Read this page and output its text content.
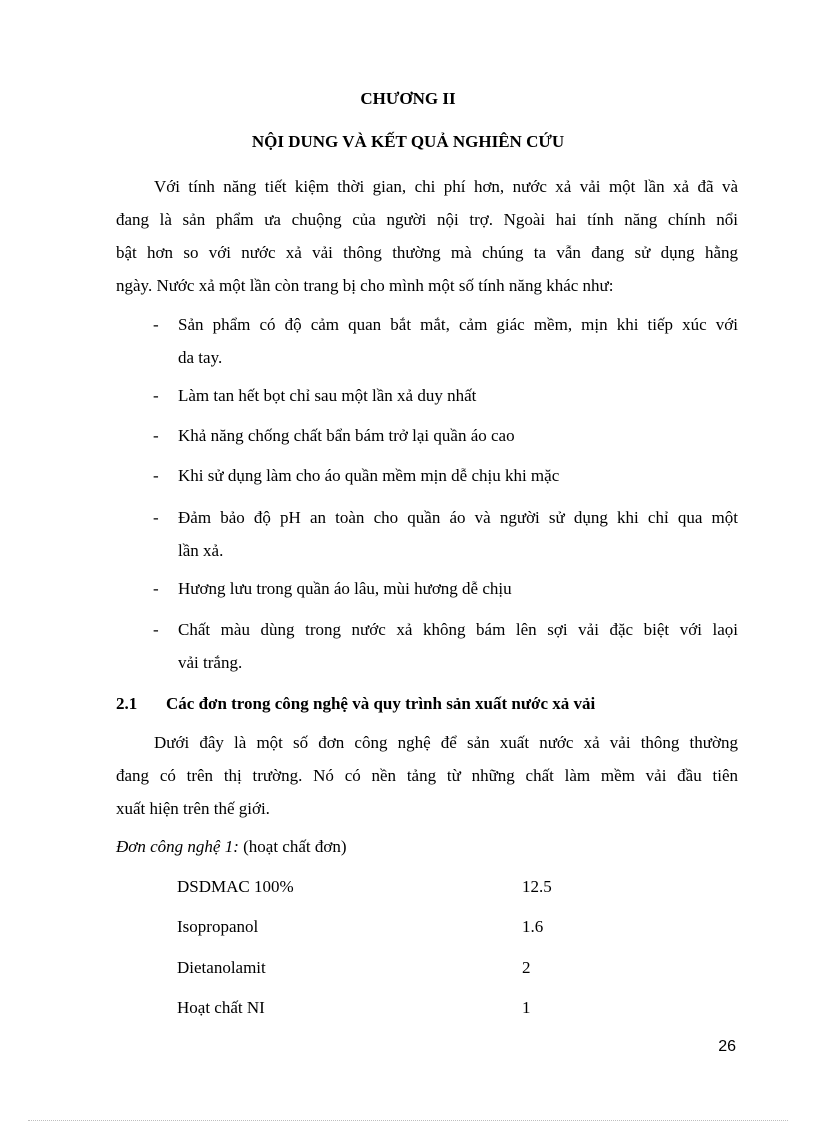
CHƯƠNG II
NỘI DUNG VÀ KẾT QUẢ NGHIÊN CỨU
Với tính năng tiết kiệm thời gian, chi phí hơn, nước xả vải một lần xả đã và
đang là sản phẩm ưa chuộng của người nội trợ. Ngoài hai tính năng chính nổi
bật hơn so với nước xả vải thông thường mà chúng ta vẫn đang sử dụng hằng
ngày. Nước xả một lần còn trang bị cho mình một số tính năng khác như:
- Sản phẩm có độ cảm quan bắt mắt, cảm giác mềm, mịn khi tiếp xúc với
da tay.
- Làm tan hết bọt chỉ sau một lần xả duy nhất
- Khả năng chống chất bẩn bám trở lại quần áo cao
- Khi sử dụng làm cho áo quần mềm mịn dễ chịu khi mặc
- Đảm bảo độ pH an toàn cho quần áo và người sử dụng khi chỉ qua một
lần xả.
- Hương lưu trong quần áo lâu, mùi hương dễ chịu
- Chất màu dùng trong nước xả không bám lên sợi vải đặc biệt với laọi
vải trắng.
2.1 Các đơn trong công nghệ và quy trình sản xuất nước xả vải
Dưới đây là một số đơn công nghệ để sản xuất nước xả vải thông thường
đang có trên thị trường. Nó có nền tảng từ những chất làm mềm vải đầu tiên
xuất hiện trên thế giới.
Đơn công nghệ 1: (hoạt chất đơn)
DSDMAC 100%	12.5
Isopropanol	1.6
Dietanolamit	2
Hoạt chất NI	1
26
